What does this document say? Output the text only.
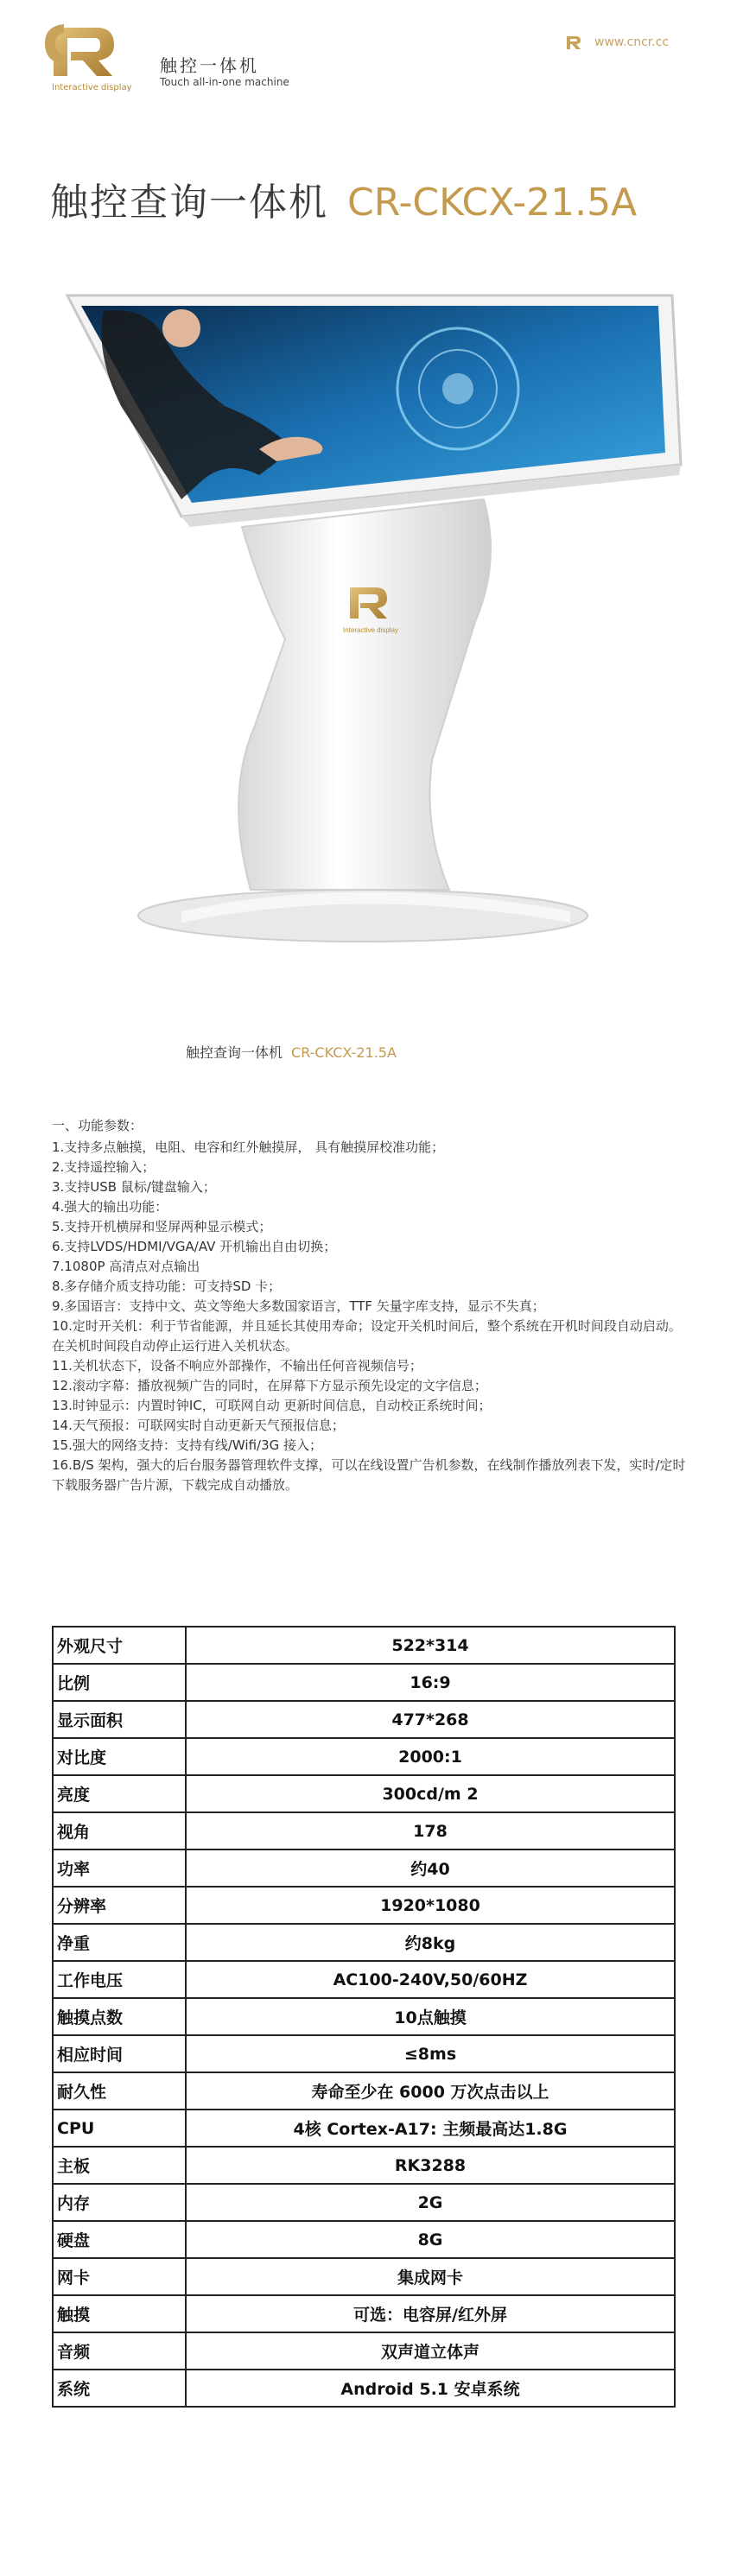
Interactive display
触控一体机
Touch all-in-one machine
www.cncr.cc
触控查询一体机 CR-CKCX-21.5A
Interactive display
触控查询一体机 CR-CKCX-21.5A

一、功能参数：

1.支持多点触摸，电阻、电容和红外触摸屏， 具有触摸屏校准功能；

2.支持遥控输入；

3.支持USB 鼠标/键盘输入；

4.强大的输出功能：

5.支持开机横屏和竖屏两种显示模式；

6.支持LVDS/HDMI/VGA/AV 开机输出自由切换；

7.1080P 高清点对点输出

8.多存储介质支持功能：可支持SD 卡；

9.多国语言：支持中文、英文等绝大多数国家语言，TTF 矢量字库支持，显示不失真；

10.定时开关机：利于节省能源，并且延长其使用寿命；设定开关机时间后，整个系统在开机时间段自动启动。在关机时间段自动停止运行进入关机状态。

11.关机状态下，设备不响应外部操作，不输出任何音视频信号；

12.滚动字幕：播放视频广告的同时，在屏幕下方显示预先设定的文字信息；

13.时钟显示：内置时钟IC，可联网自动 更新时间信息，自动校正系统时间；

14.天气预报：可联网实时自动更新天气预报信息；

15.强大的网络支持：支持有线/Wifi/3G 接入；

16.B/S 架构，强大的后台服务器管理软件支撑，可以在线设置广告机参数，在线制作播放列表下发，实时/定时下载服务器广告片源，下载完成自动播放。

外观尺寸	522*314
比例	16:9
显示面积	477*268
对比度	2000:1
亮度	300cd/m 2
视角	178
功率	约40
分辨率	1920*1080
净重	约8kg
工作电压	AC100-240V,50/60HZ
触摸点数	10点触摸
相应时间	≤8ms
耐久性	寿命至少在 6000 万次点击以上
CPU	4核 Cortex-A17: 主频最高达1.8G
主板	RK3288
内存	2G
硬盘	8G
网卡	集成网卡
触摸	可选：电容屏/红外屏
音频	双声道立体声
系统	Android 5.1 安卓系统
